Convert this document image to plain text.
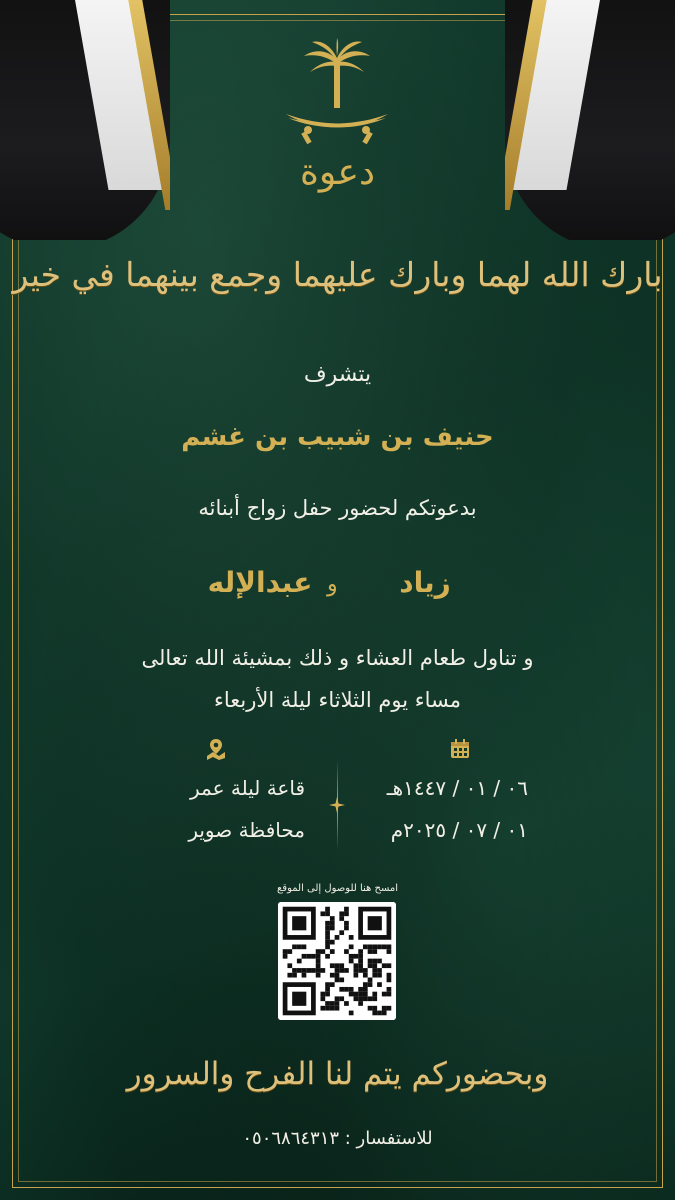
دعوة
بارك الله لهما وبارك عليهما وجمع بينهما في خير
يتشرف
حنيف بن شبيب بن غشم
بدعوتكم لحضور حفل زواج أبنائه
زياد
و
عبدالإله
و تناول طعام العشاء و ذلك بمشيئة الله تعالى
مساء يوم الثلاثاء ليلة الأربعاء
٠٦ / ٠١ / ١٤٤٧هـ
٠١ / ٠٧ / ٢٠٢٥م
قاعة ليلة عمر
محافظة صوير
امسح هنا للوصول إلى الموقع
وبحضوركم يتم لنا الفرح والسرور
للاستفسار : ٠٥٠٦٨٦٤٣١٣
